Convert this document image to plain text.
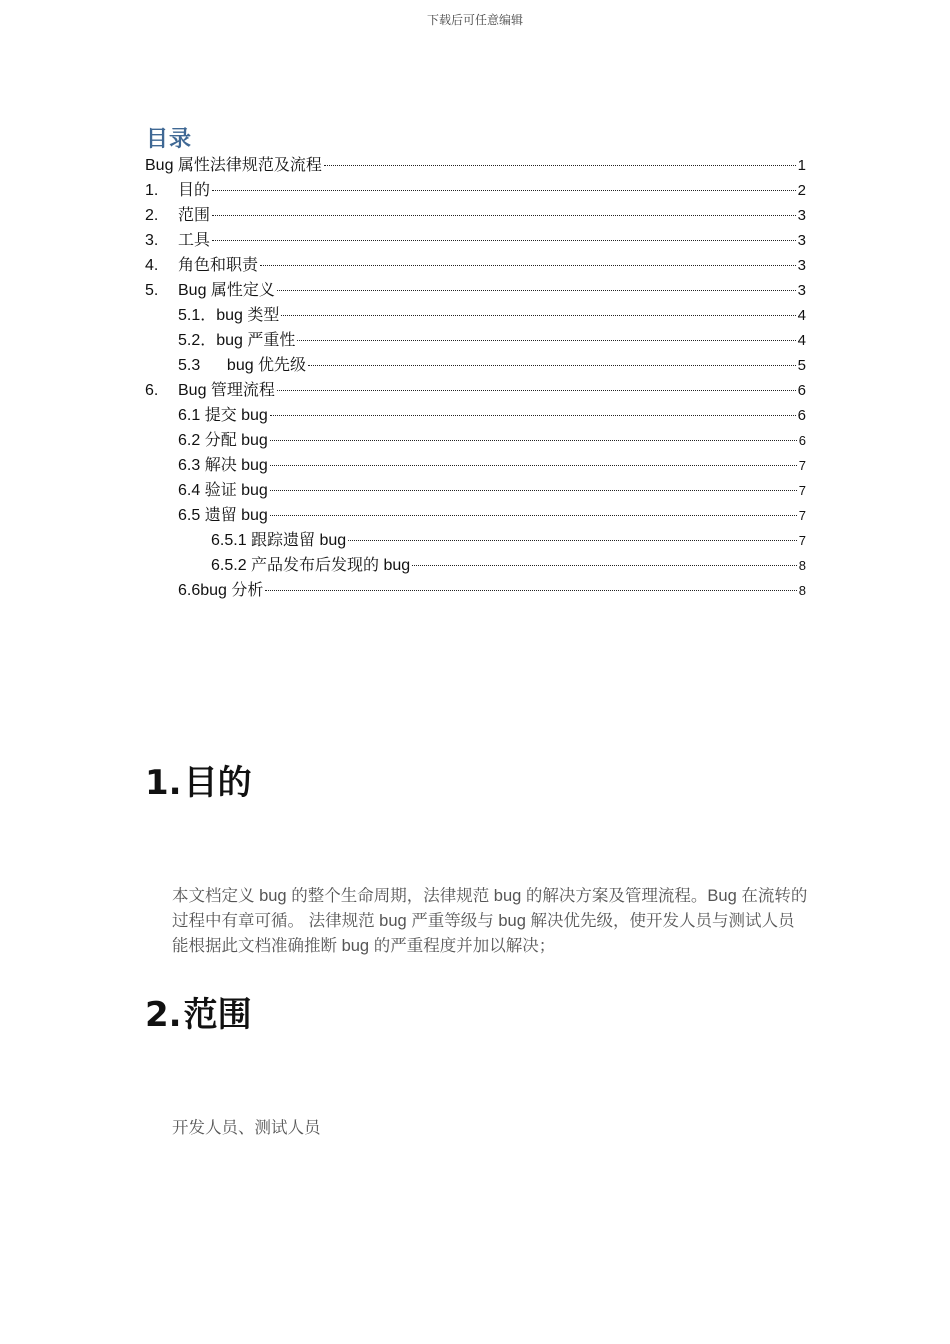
下载后可任意编辑
目录
Bug 属性法律规范及流程	1
1.	目的	2
2.	范围	3
3.	工具	3
4.	角色和职责	3
5.	Bug 属性定义	3
5.1．bug 类型	4
5.2．bug 严重性	4
5.3      bug 优先级	5
6.	Bug 管理流程	6
6.1 提交 bug	6
6.2 分配 bug	6
6.3 解决 bug	7
6.4 验证 bug	7
6.5 遗留 bug	7
6.5.1 跟踪遗留 bug	7
6.5.2 产品发布后发现的 bug	8
6.6bug 分析	8
1.目的
本文档定义 bug 的整个生命周期，法律规范 bug 的解决方案及管理流程。Bug 在流转的过程中有章可循。 法律规范 bug 严重等级与 bug 解决优先级，使开发人员与测试人员能根据此文档准确推断 bug 的严重程度并加以解决；
2.范围
开发人员、测试人员
